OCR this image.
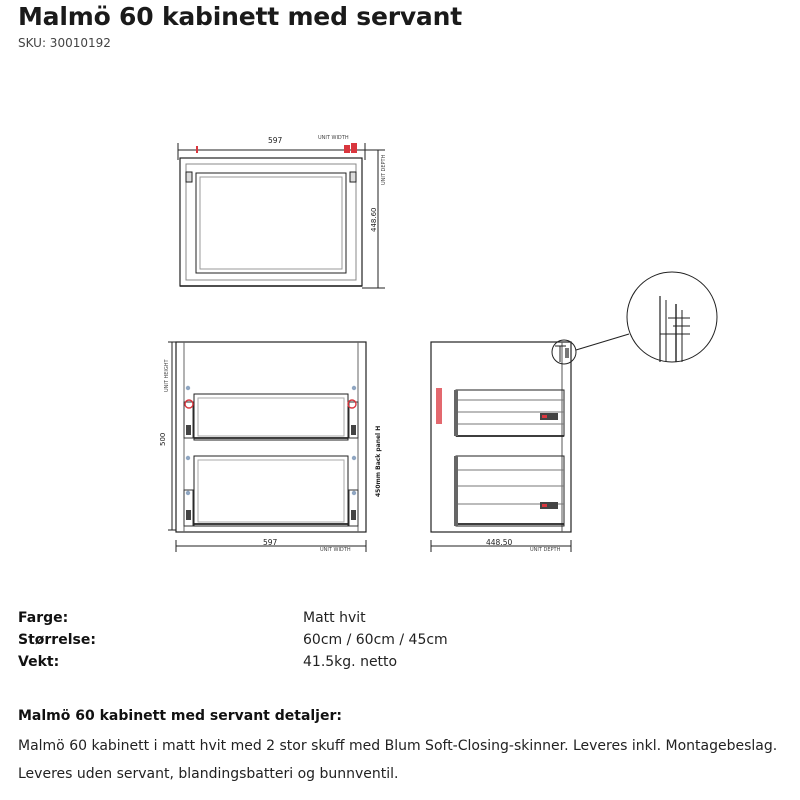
Malmö 60 kabinett med servant
SKU: 30010192
597	UNIT WIDTH
448.60
UNIT DEPTH
500
UNIT HEIGHT
450mm Back panel H
597
UNIT WIDTH
448.50
UNIT DEPTH
Farge:	Matt hvit
Størrelse:	60cm / 60cm / 45cm
Vekt:	41.5kg. netto
Malmö 60 kabinett med servant detaljer:
Malmö 60 kabinett i matt hvit med 2 stor skuff med Blum Soft-Closing-skinner. Leveres inkl. Montagebeslag.
Leveres uden servant, blandingsbatteri og bunnventil.
